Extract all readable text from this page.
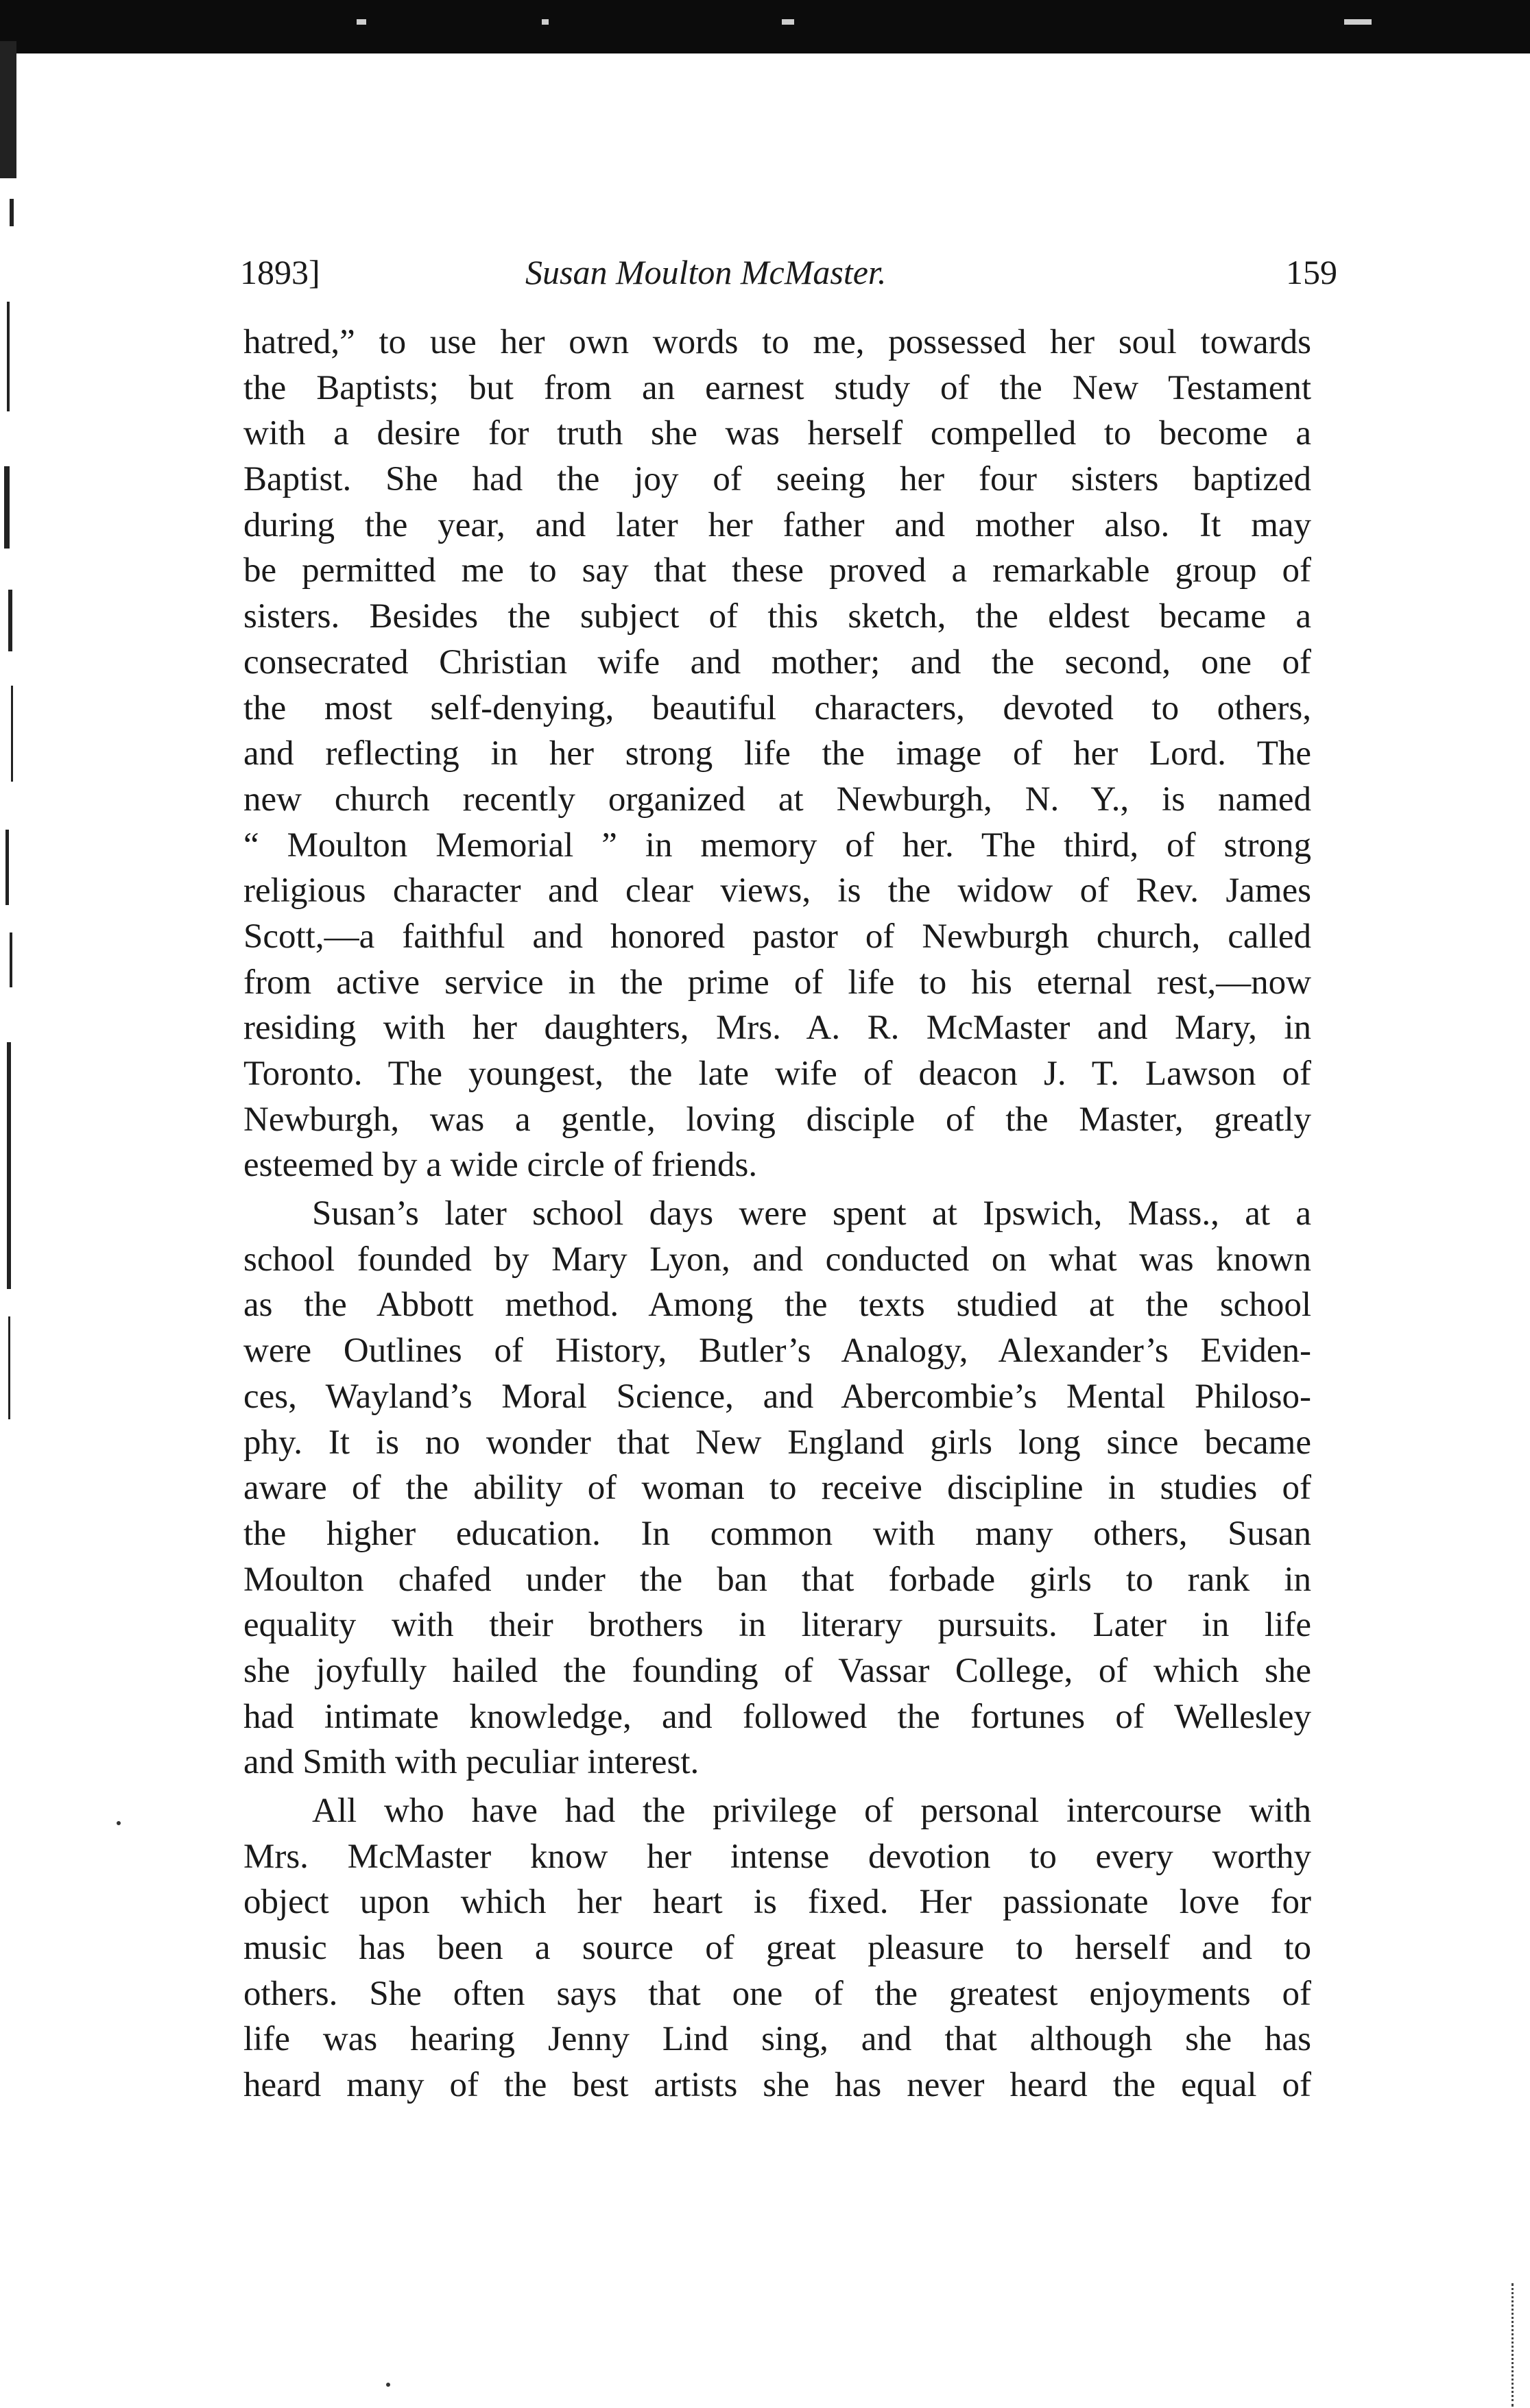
1893]	Susan Moulton McMaster.	159
hatred,” to use her own words to me, possessed her soul towards
the Baptists; but from an earnest study of the New Testament
with a desire for truth she was herself compelled to become a
Baptist. She had the joy of seeing her four sisters baptized
during the year, and later her father and mother also. It may
be permitted me to say that these proved a remarkable group of
sisters. Besides the subject of this sketch, the eldest became a
consecrated Christian wife and mother; and the second, one of
the most self-denying, beautiful characters, devoted to others,
and reflecting in her strong life the image of her Lord. The
new church recently organized at Newburgh, N. Y., is named
“ Moulton Memorial ” in memory of her. The third, of strong
religious character and clear views, is the widow of Rev. James
Scott,—a faithful and honored pastor of Newburgh church, called
from active service in the prime of life to his eternal rest,—now
residing with her daughters, Mrs. A. R. McMaster and Mary, in
Toronto. The youngest, the late wife of deacon J. T. Lawson of
Newburgh, was a gentle, loving disciple of the Master, greatly
esteemed by a wide circle of friends.
Susan’s later school days were spent at Ipswich, Mass., at a
school founded by Mary Lyon, and conducted on what was known
as the Abbott method. Among the texts studied at the school
were Outlines of History, Butler’s Analogy, Alexander’s Eviden-
ces, Wayland’s Moral Science, and Abercombie’s Mental Philoso-
phy. It is no wonder that New England girls long since became
aware of the ability of woman to receive discipline in studies of
the higher education. In common with many others, Susan
Moulton chafed under the ban that forbade girls to rank in
equality with their brothers in literary pursuits. Later in life
she joyfully hailed the founding of Vassar College, of which she
had intimate knowledge, and followed the fortunes of Wellesley
and Smith with peculiar interest.
All who have had the privilege of personal intercourse with
Mrs. McMaster know her intense devotion to every worthy
object upon which her heart is fixed. Her passionate love for
music has been a source of great pleasure to herself and to
others. She often says that one of the greatest enjoyments of
life was hearing Jenny Lind sing, and that although she has
heard many of the best artists she has never heard the equal of
